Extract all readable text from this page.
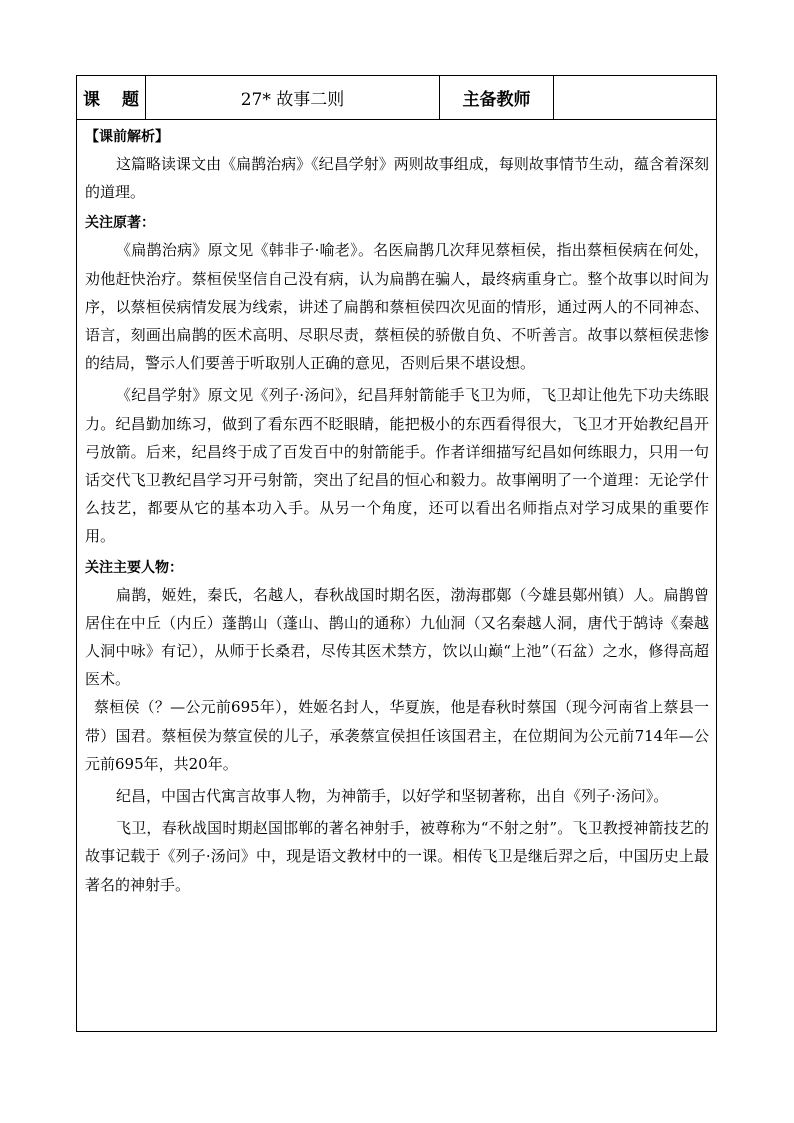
课 题	27* 故事二则	主备教师

【课前解析】

这篇略读课文由《扁鹊治病》《纪昌学射》两则故事组成，每则故事情节生动，蕴含着深刻的道理。

关注原著：

《扁鹊治病》原文见《韩非子·喻老》。名医扁鹊几次拜见蔡桓侯，指出蔡桓侯病在何处，劝他赶快治疗。蔡桓侯坚信自己没有病，认为扁鹊在骗人，最终病重身亡。整个故事以时间为序，以蔡桓侯病情发展为线索，讲述了扁鹊和蔡桓侯四次见面的情形，通过两人的不同神态、语言，刻画出扁鹊的医术高明、尽职尽责，蔡桓侯的骄傲自负、不听善言。故事以蔡桓侯悲惨的结局，警示人们要善于听取别人正确的意见，否则后果不堪设想。

《纪昌学射》原文见《列子·汤问》，纪昌拜射箭能手飞卫为师，飞卫却让他先下功夫练眼力。纪昌勤加练习，做到了看东西不眨眼睛，能把极小的东西看得很大，飞卫才开始教纪昌开弓放箭。后来，纪昌终于成了百发百中的射箭能手。作者详细描写纪昌如何练眼力，只用一句话交代飞卫教纪昌学习开弓射箭，突出了纪昌的恒心和毅力。故事阐明了一个道理：无论学什么技艺，都要从它的基本功入手。从另一个角度，还可以看出名师指点对学习成果的重要作用。

关注主要人物：

扁鹊，姬姓，秦氏，名越人，春秋战国时期名医，渤海郡鄚（今雄县鄚州镇）人。扁鹊曾居住在中丘（内丘）蓬鹊山（蓬山、鹊山的通称）九仙洞（又名秦越人洞，唐代于鹄诗《秦越人洞中咏》有记），从师于长桑君，尽传其医术禁方，饮以山巅“上池”（石盆）之水，修得高超医术。

蔡桓侯（？—公元前695年），姓姬名封人，华夏族，他是春秋时蔡国（现今河南省上蔡县一带）国君。蔡桓侯为蔡宣侯的儿子，承袭蔡宣侯担任该国君主，在位期间为公元前714年—公元前695年，共20年。

纪昌，中国古代寓言故事人物，为神箭手，以好学和坚韧著称，出自《列子·汤问》。

飞卫，春秋战国时期赵国邯郸的著名神射手，被尊称为“不射之射”。飞卫教授神箭技艺的故事记载于《列子·汤问》中，现是语文教材中的一课。相传飞卫是继后羿之后，中国历史上最著名的神射手。
